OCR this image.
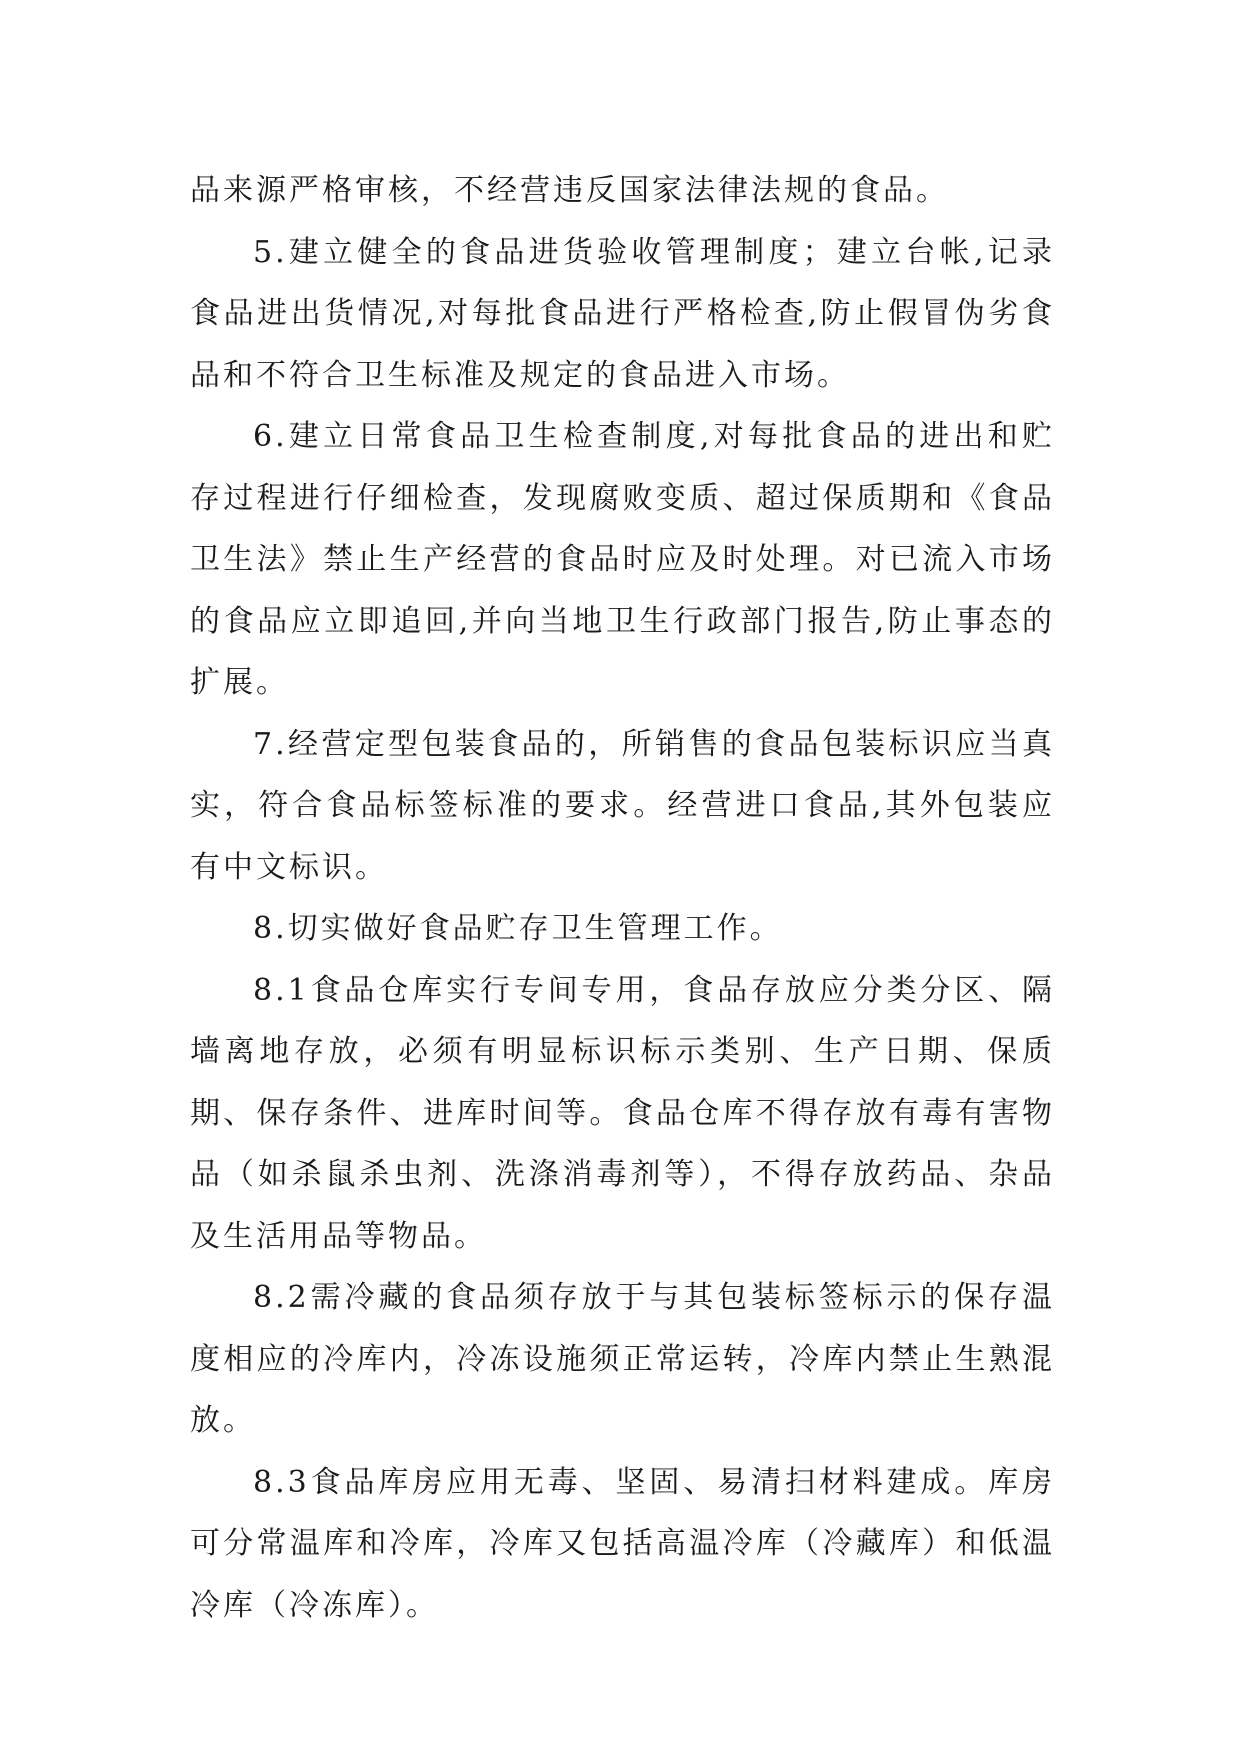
品来源严格审核，不经营违反国家法律法规的食品。

5.建立健全的食品进货验收管理制度；建立台帐,记录食品进出货情况,对每批食品进行严格检查,防止假冒伪劣食品和不符合卫生标准及规定的食品进入市场。

6.建立日常食品卫生检查制度,对每批食品的进出和贮存过程进行仔细检查，发现腐败变质、超过保质期和《食品卫生法》禁止生产经营的食品时应及时处理。对已流入市场的食品应立即追回,并向当地卫生行政部门报告,防止事态的扩展。

7.经营定型包装食品的，所销售的食品包装标识应当真实，符合食品标签标准的要求。经营进口食品,其外包装应有中文标识。

8.切实做好食品贮存卫生管理工作。

8.1食品仓库实行专间专用，食品存放应分类分区、隔墙离地存放，必须有明显标识标示类别、生产日期、保质期、保存条件、进库时间等。食品仓库不得存放有毒有害物品（如杀鼠杀虫剂、洗涤消毒剂等），不得存放药品、杂品及生活用品等物品。

8.2需冷藏的食品须存放于与其包装标签标示的保存温度相应的冷库内，冷冻设施须正常运转，冷库内禁止生熟混放。

8.3食品库房应用无毒、坚固、易清扫材料建成。库房可分常温库和冷库，冷库又包括高温冷库（冷藏库）和低温冷库（冷冻库）。
